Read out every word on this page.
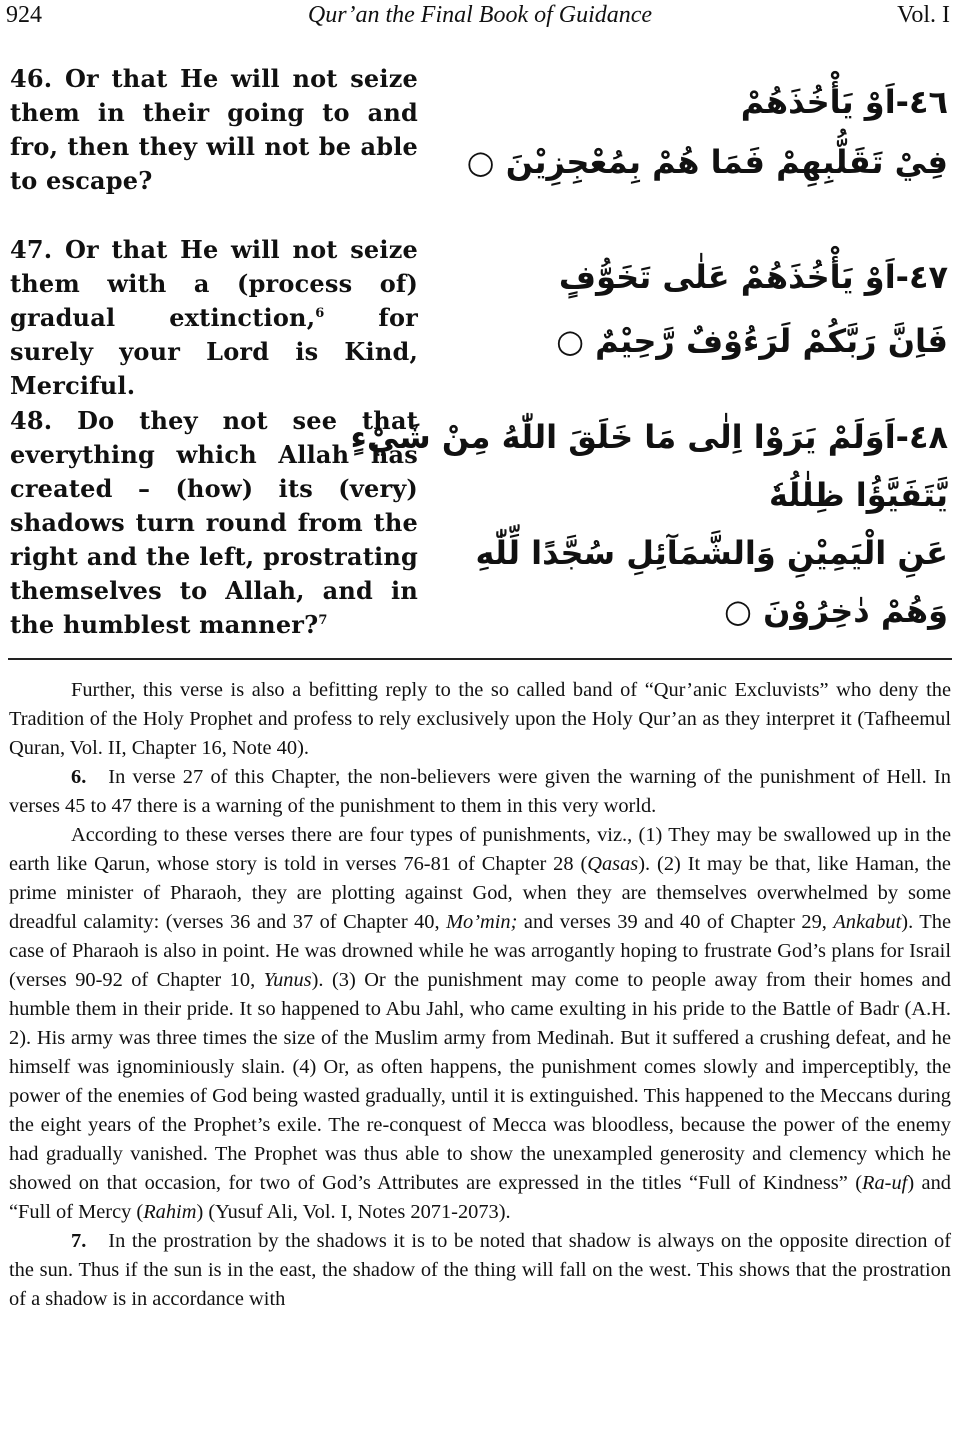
924	Qur’an the Final Book of Guidance	Vol. I
46. Or that He will not seize them in their going to and fro, then they will not be able to escape?
٤٦-اَوْ يَأْخُذَهُمْ
فِيْ تَقَلُّبِهِمْ فَمَا هُمْ بِمُعْجِزِيْنَ ○
47. Or that He will not seize them with a (process of) gradual extinction,$^6$ for surely your Lord is Kind, Merciful.
٤٧-اَوْ يَأْخُذَهُمْ عَلٰى تَخَوُّفٍ
فَاِنَّ رَبَّكُمْ لَرَءُوْفٌ رَّحِيْمٌ ○
48. Do they not see that everything which Allah has created – (how) its (very) shadows turn round from the right and the left, prostrating themselves to Allah, and in the humblest manner?$^7$
٤٨-اَوَلَمْ يَرَوْا اِلٰى مَا خَلَقَ اللّٰهُ مِنْ شَيْءٍ
يَّتَفَيَّؤُا ظِلٰلُهٗ
عَنِ الْيَمِيْنِ وَالشَّمَآئِلِ سُجَّدًا لِّلّٰهِ
وَهُمْ دٰخِرُوْنَ ○

Further, this verse is also a befitting reply to the so called band of “Qur’anic Excluvists” who deny the Tradition of the Holy Prophet and profess to rely exclusively upon the Holy Qur’an as they interpret it (Tafheemul Quran, Vol. II, Chapter 16, Note 40).

6. In verse 27 of this Chapter, the non-believers were given the warning of the punishment of Hell. In verses 45 to 47 there is a warning of the punishment to them in this very world.

According to these verses there are four types of punishments, viz., (1) They may be swallowed up in the earth like Qarun, whose story is told in verses 76-81 of Chapter 28 (Qasas). (2) It may be that, like Haman, the prime minister of Pharaoh, they are plotting against God, when they are themselves overwhelmed by some dreadful calamity: (verses 36 and 37 of Chapter 40, Mo’min; and verses 39 and 40 of Chapter 29, Ankabut). The case of Pharaoh is also in point. He was drowned while he was arrogantly hoping to frustrate God’s plans for Israil (verses 90-92 of Chapter 10, Yunus). (3) Or the punishment may come to people away from their homes and humble them in their pride. It so happened to Abu Jahl, who came exulting in his pride to the Battle of Badr (A.H. 2). His army was three times the size of the Muslim army from Medinah. But it suffered a crushing defeat, and he himself was ignominiously slain. (4) Or, as often happens, the punishment comes slowly and imperceptibly, the power of the enemies of God being wasted gradually, until it is extinguished. This happened to the Meccans during the eight years of the Prophet’s exile. The re-conquest of Mecca was bloodless, because the power of the enemy had gradually vanished. The Prophet was thus able to show the unexampled generosity and clemency which he showed on that occasion, for two of God’s Attributes are expressed in the titles “Full of Kindness” (Ra-uf) and “Full of Mercy (Rahim) (Yusuf Ali, Vol. I, Notes 2071-2073).

7. In the prostration by the shadows it is to be noted that shadow is always on the opposite direction of the sun. Thus if the sun is in the east, the shadow of the thing will fall on the west. This shows that the prostration of a shadow is in accordance with
